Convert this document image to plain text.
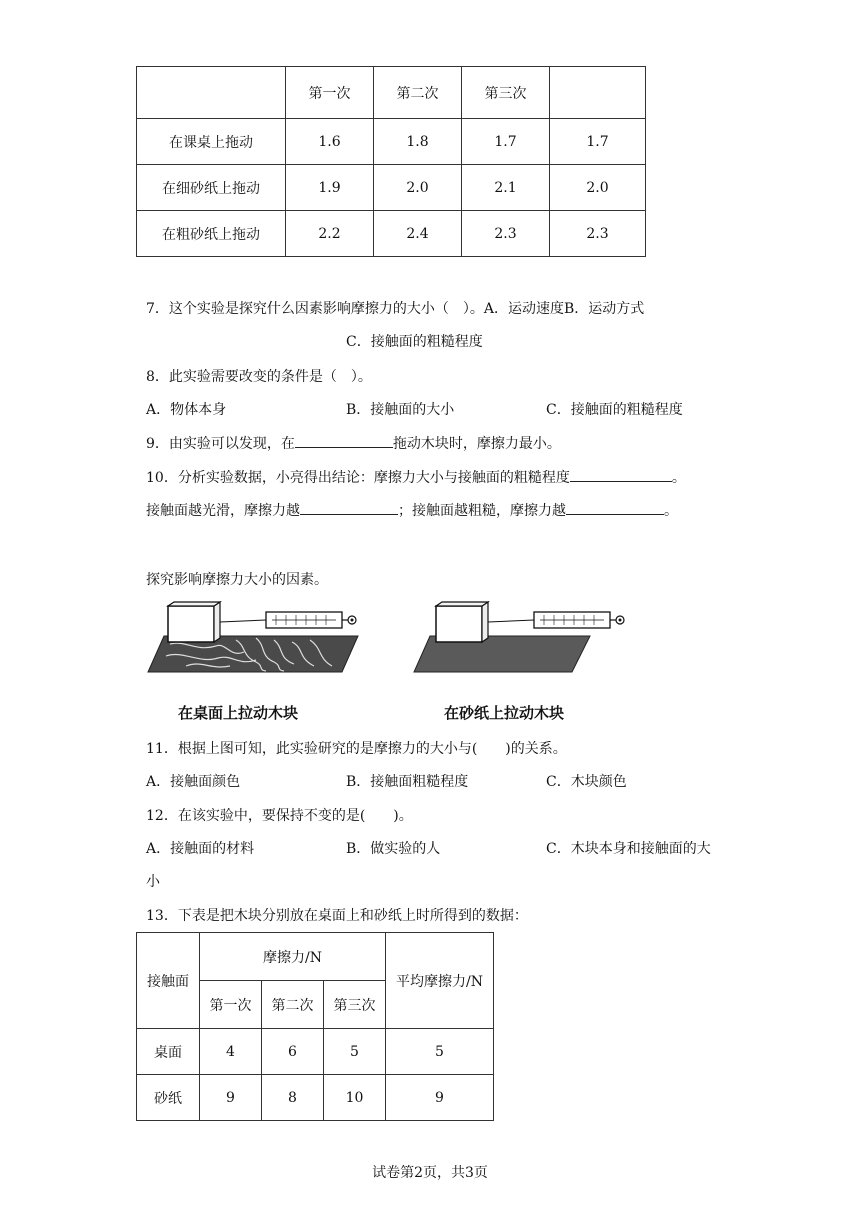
	第一次	第二次	第三次	
在课桌上拖动	1.6	1.8	1.7	1.7
在细砂纸上拖动	1.9	2.0	2.1	2.0
在粗砂纸上拖动	2.2	2.4	2.3	2.3
7．这个实验是探究什么因素影响摩擦力的大小（　）。A．运动速度B．运动方式
C．接触面的粗糙程度
8．此实验需要改变的条件是（　）。
A．物体本身	B．接触面的大小	C．接触面的粗糙程度
9．由实验可以发现，在	拖动木块时，摩擦力最小。
10．分析实验数据，小亮得出结论：摩擦力大小与接触面的粗糙程度	。
接触面越光滑，摩擦力越	；接触面越粗糙，摩擦力越	。
探究影响摩擦力大小的因素。
在桌面上拉动木块	在砂纸上拉动木块
11．根据上图可知，此实验研究的是摩擦力的大小与(　　)的关系。
A．接触面颜色	B．接触面粗糙程度	C．木块颜色
12．在该实验中，要保持不变的是(　　)。
A．接触面的材料	B．做实验的人	C．木块本身和接触面的大
小
13．下表是把木块分别放在桌面上和砂纸上时所得到的数据：
接触面	摩擦力/N			平均摩擦力/N
	第一次	第二次	第三次	
桌面	4	6	5	5
砂纸	9	8	10	9
试卷第2页，共3页
